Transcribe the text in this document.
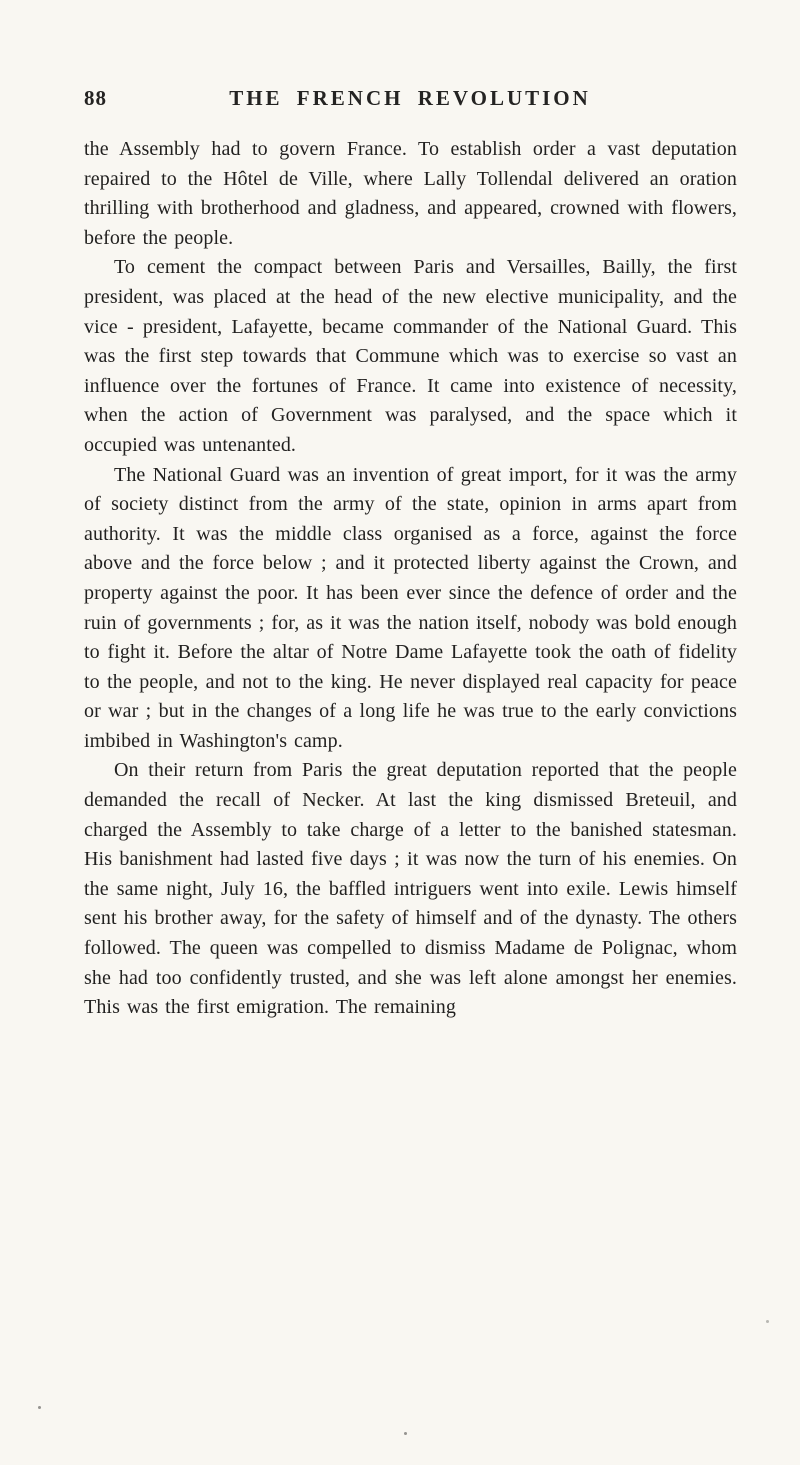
88	THE FRENCH REVOLUTION

the Assembly had to govern France. To establish order a vast deputation repaired to the Hôtel de Ville, where Lally Tollendal delivered an oration thrilling with brotherhood and gladness, and appeared, crowned with flowers, before the people.

To cement the compact between Paris and Versailles, Bailly, the first president, was placed at the head of the new elective municipality, and the vice - president, Lafayette, became commander of the National Guard. This was the first step towards that Commune which was to exercise so vast an influence over the fortunes of France. It came into existence of necessity, when the action of Government was paralysed, and the space which it occupied was untenanted.

The National Guard was an invention of great import, for it was the army of society distinct from the army of the state, opinion in arms apart from authority. It was the middle class organised as a force, against the force above and the force below ; and it protected liberty against the Crown, and property against the poor. It has been ever since the defence of order and the ruin of governments ; for, as it was the nation itself, nobody was bold enough to fight it. Before the altar of Notre Dame Lafayette took the oath of fidelity to the people, and not to the king. He never displayed real capacity for peace or war ; but in the changes of a long life he was true to the early convictions imbibed in Washington's camp.

On their return from Paris the great deputation reported that the people demanded the recall of Necker. At last the king dismissed Breteuil, and charged the Assembly to take charge of a letter to the banished statesman. His banishment had lasted five days ; it was now the turn of his enemies. On the same night, July 16, the baffled intriguers went into exile. Lewis himself sent his brother away, for the safety of himself and of the dynasty. The others followed. The queen was compelled to dismiss Madame de Polignac, whom she had too confidently trusted, and she was left alone amongst her enemies. This was the first emigration. The remaining
